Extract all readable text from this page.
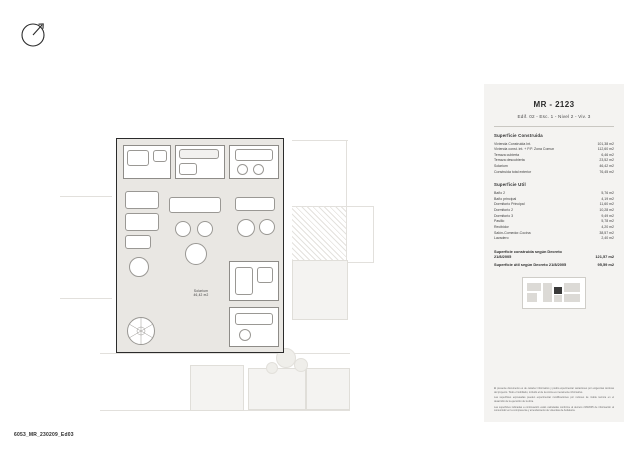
Solarium
46,42 m2
MR - 2123
Edif. 02 - Esc. 1 - Nivel 2 - Viv. 3
Superficie Construida
Vivienda Construida Int.	101,38 m2
Vivienda const. int. + P.P. Zona Comun	112,60 m2
Terraza cubierta	6,46 m2
Terraza descubierta	23,52 m2
Solarium	46,42 m2
Construida total exterior	76,45 m2
Superficie Util
Baño 2	5,76 m2
Baño principal	4,19 m2
Dormitorio Principal	11,60 m2
Dormitorio 2	10,28 m2
Dormitorio 3	9,49 m2
Pasillo	5,78 m2
Recibidor	4,20 m2
Salón-Comedor-Cocina	38,57 m2
Lavadero	2,40 m2
Superficie construida según Decreto 21/8/2005	121,57 m2
Superficie útil según Decreto 21/8/2005	95,59 m2

El presente documento es de carácter informativo y podrá experimentar variaciones por exigencias técnicas del proyecto. Todo el mobiliario, incluido el de la cocina es meramente informativo.

Las superficies expresadas pueden experimentar modificaciones por razones de índole técnica en el desarrollo de la ejecución de la obra.

Las superficies indicadas a continuación están calculadas conforme al decreto 218/2005 de información al consumidor en la compraventa y arrendamiento de viviendas de Andalucía.

6053_MR_230209_Ed03
